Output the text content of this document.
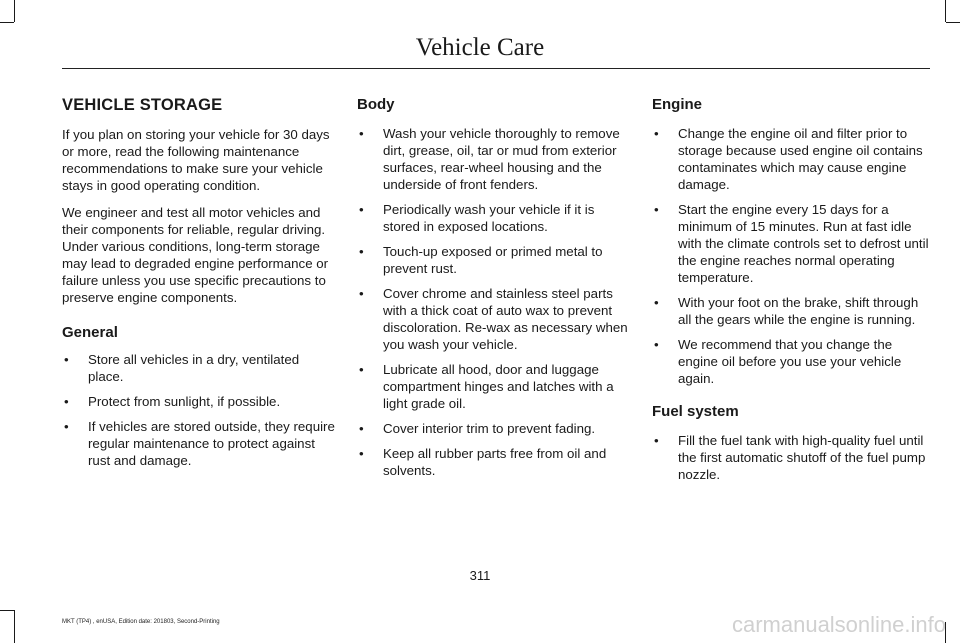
Vehicle Care
VEHICLE STORAGE

If you plan on storing your vehicle for 30 days or more, read the following maintenance recommendations to make sure your vehicle stays in good operating condition.

We engineer and test all motor vehicles and their components for reliable, regular driving. Under various conditions, long-term storage may lead to degraded engine performance or failure unless you use specific precautions to preserve engine components.

General
• Store all vehicles in a dry, ventilated place.
• Protect from sunlight, if possible.
• If vehicles are stored outside, they require regular maintenance to protect against rust and damage.
Body
• Wash your vehicle thoroughly to remove dirt, grease, oil, tar or mud from exterior surfaces, rear-wheel housing and the underside of front fenders.
• Periodically wash your vehicle if it is stored in exposed locations.
• Touch-up exposed or primed metal to prevent rust.
• Cover chrome and stainless steel parts with a thick coat of auto wax to prevent discoloration. Re-wax as necessary when you wash your vehicle.
• Lubricate all hood, door and luggage compartment hinges and latches with a light grade oil.
• Cover interior trim to prevent fading.
• Keep all rubber parts free from oil and solvents.
Engine
• Change the engine oil and filter prior to storage because used engine oil contains contaminates which may cause engine damage.
• Start the engine every 15 days for a minimum of 15 minutes. Run at fast idle with the climate controls set to defrost until the engine reaches normal operating temperature.
• With your foot on the brake, shift through all the gears while the engine is running.
• We recommend that you change the engine oil before you use your vehicle again.
Fuel system
• Fill the fuel tank with high-quality fuel until the first automatic shutoff of the fuel pump nozzle.
311
MKT (TP4) , enUSA, Edition date: 201803, Second-Printing	carmanualsonline.info
